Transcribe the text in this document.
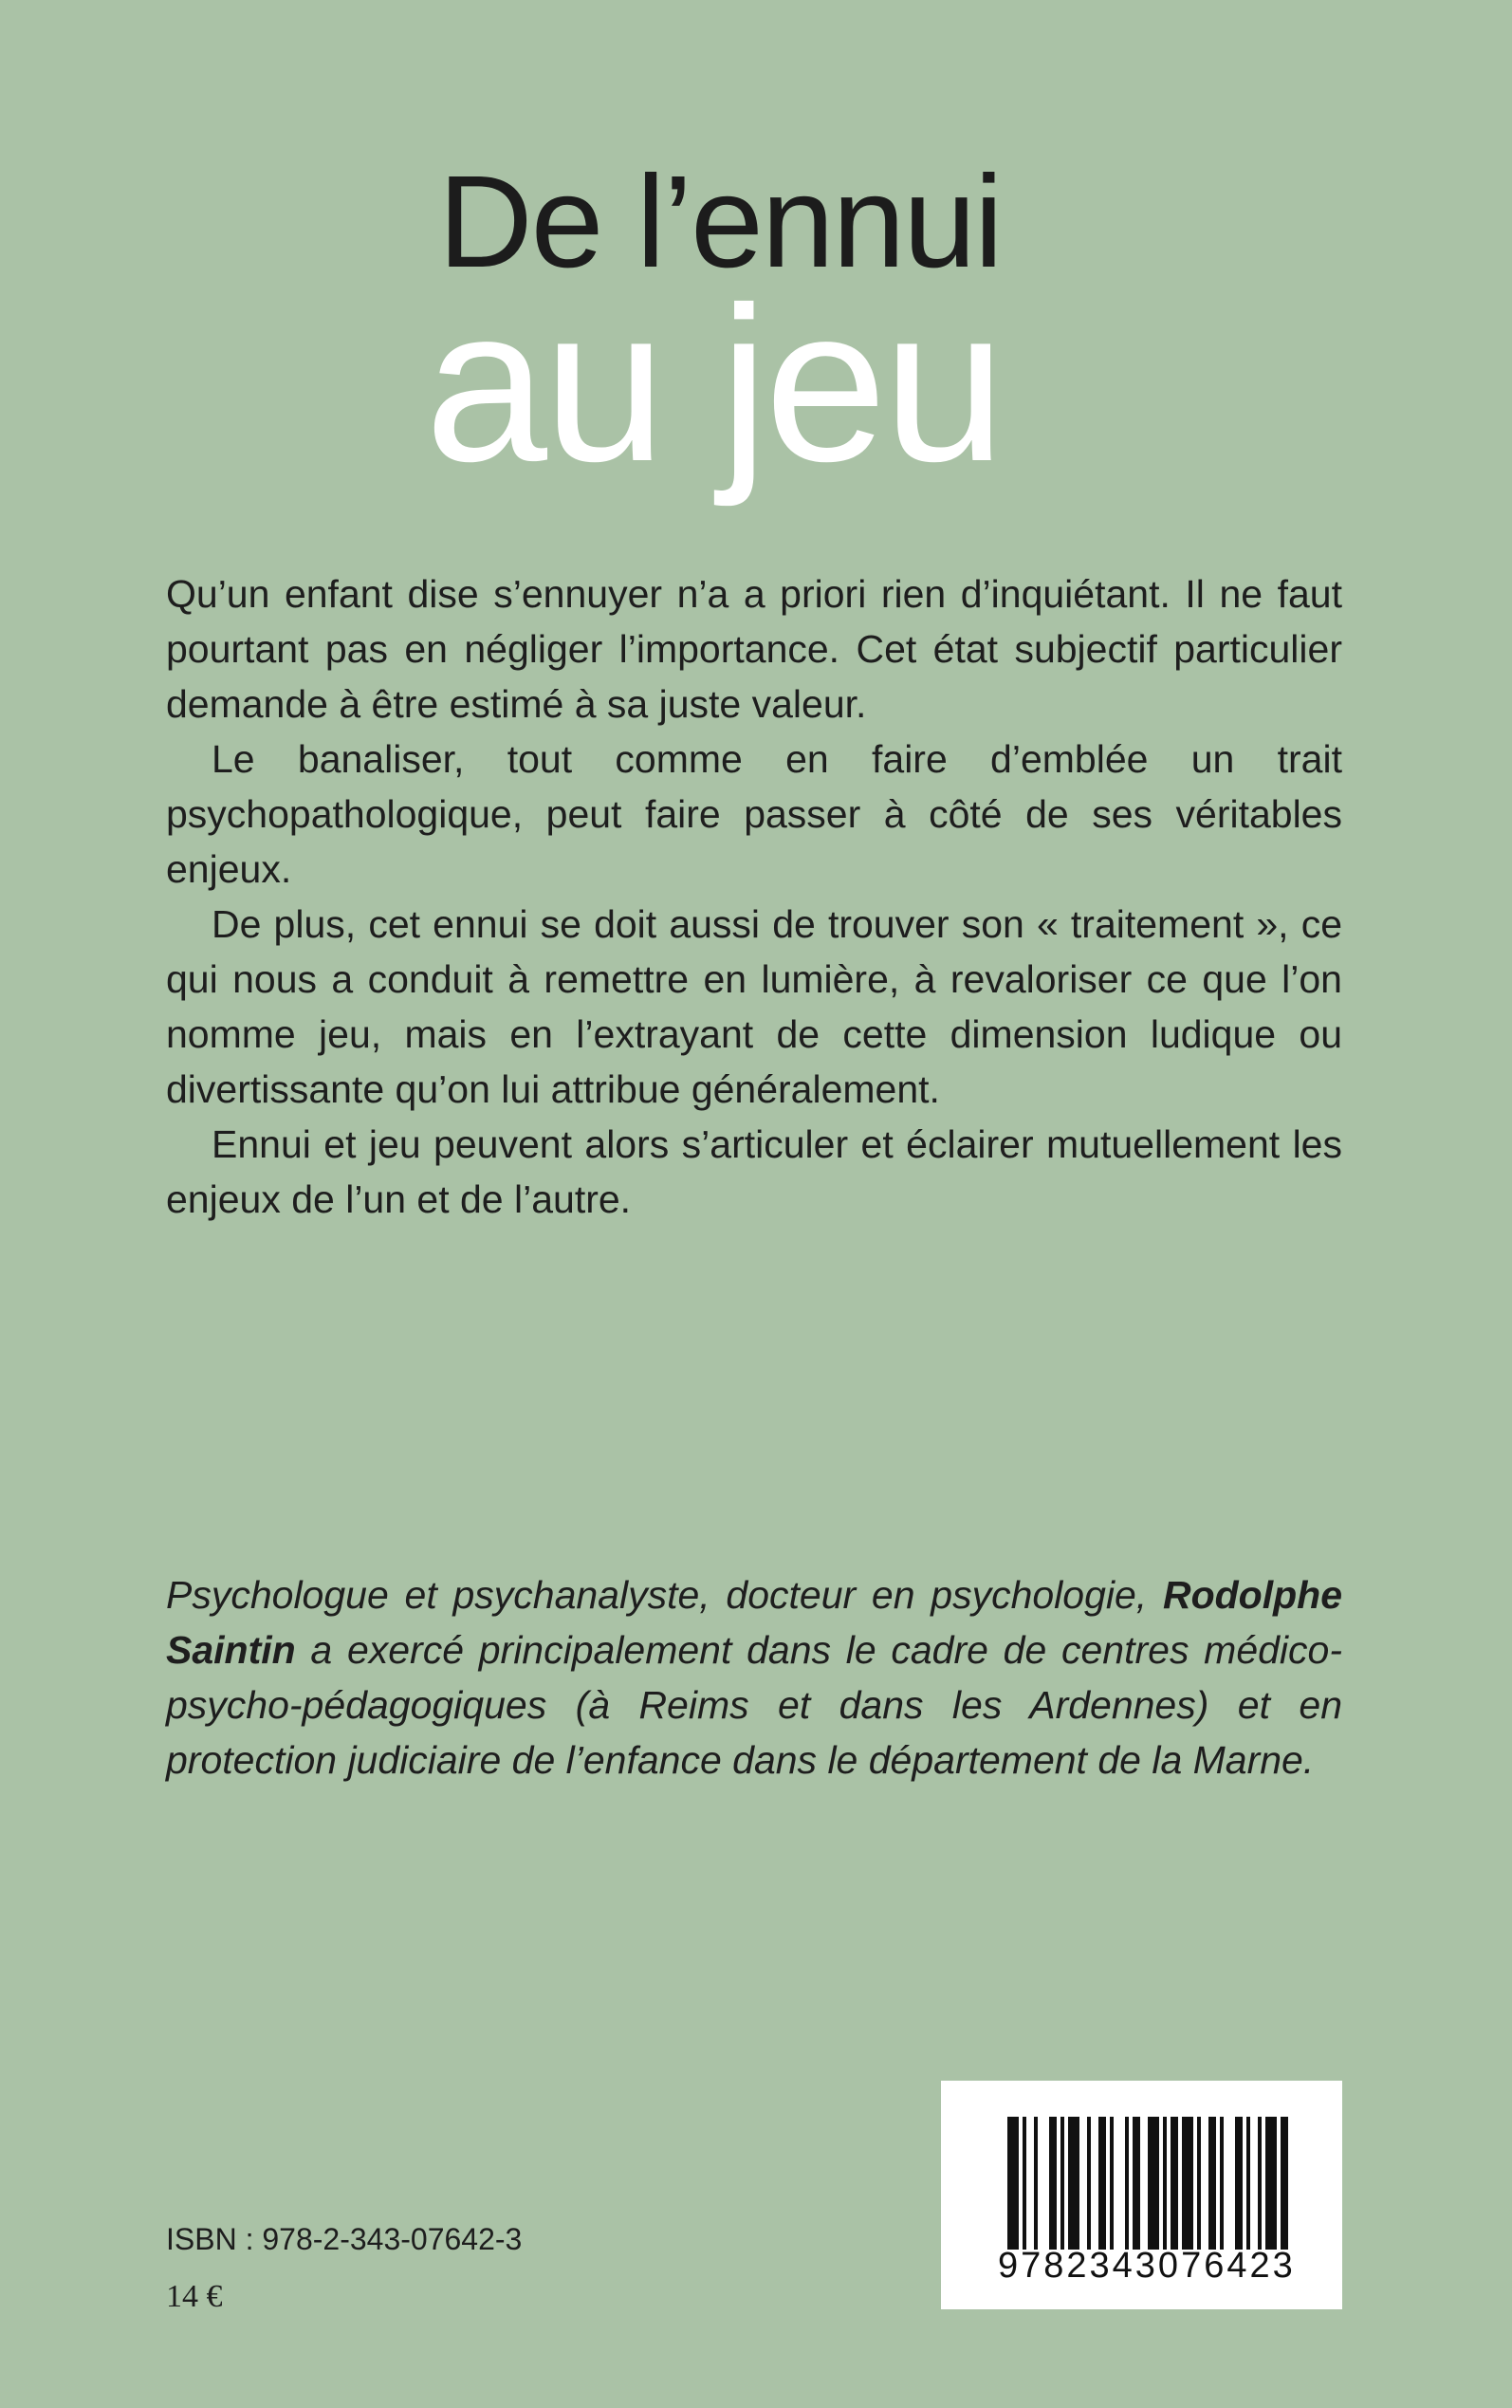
De l’ennui
au jeu

Qu’un enfant dise s’ennuyer n’a a priori rien d’inquiétant. Il ne faut pourtant pas en négliger l’importance. Cet état subjectif particulier demande à être estimé à sa juste valeur.

Le banaliser, tout comme en faire d’emblée un trait psychopathologique, peut faire passer à côté de ses véritables enjeux.

De plus, cet ennui se doit aussi de trouver son « traitement », ce qui nous a conduit à remettre en lumière, à revaloriser ce que l’on nomme jeu, mais en l’extrayant de cette dimension ludique ou divertissante qu’on lui attribue généralement.

Ennui et jeu peuvent alors s’articuler et éclairer mutuellement les enjeux de l’un et de l’autre.

Psychologue et psychanalyste, docteur en psychologie, Rodolphe Saintin a exercé principalement dans le cadre de centres médico-psycho-pédagogiques (à Reims et dans les Ardennes) et en protection judiciaire de l’enfance dans le département de la Marne.
ISBN : 978-2-343-07642-3
14 €
9782343076423
